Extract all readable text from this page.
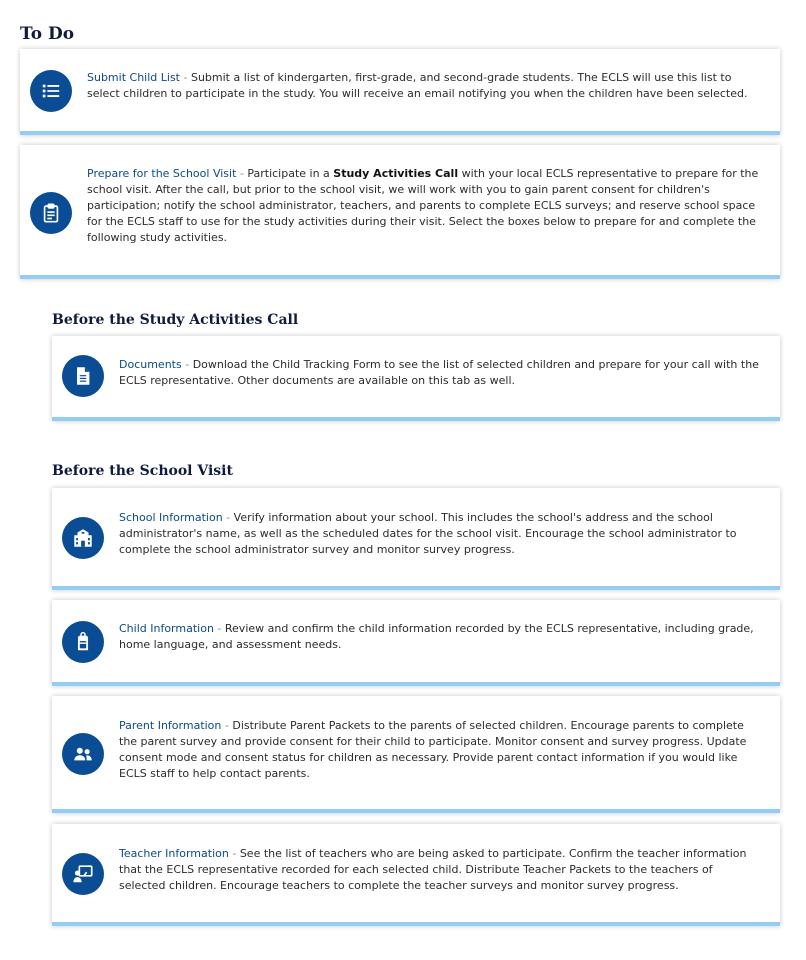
To Do
Submit Child List - Submit a list of kindergarten, first-grade, and second-grade students. The ECLS will use this list to select children to participate in the study. You will receive an email notifying you when the children have been selected.
Prepare for the School Visit - Participate in a Study Activities Call with your local ECLS representative to prepare for the school visit. After the call, but prior to the school visit, we will work with you to gain parent consent for children's participation; notify the school administrator, teachers, and parents to complete ECLS surveys; and reserve school space for the ECLS staff to use for the study activities during their visit. Select the boxes below to prepare for and complete the following study activities.
Before the Study Activities Call
Documents - Download the Child Tracking Form to see the list of selected children and prepare for your call with the ECLS representative. Other documents are available on this tab as well.
Before the School Visit
School Information - Verify information about your school. This includes the school's address and the school administrator's name, as well as the scheduled dates for the school visit. Encourage the school administrator to complete the school administrator survey and monitor survey progress.
Child Information - Review and confirm the child information recorded by the ECLS representative, including grade, home language, and assessment needs.
Parent Information - Distribute Parent Packets to the parents of selected children. Encourage parents to complete the parent survey and provide consent for their child to participate. Monitor consent and survey progress. Update consent mode and consent status for children as necessary. Provide parent contact information if you would like ECLS staff to help contact parents.
Teacher Information - See the list of teachers who are being asked to participate. Confirm the teacher information that the ECLS representative recorded for each selected child. Distribute Teacher Packets to the teachers of selected children. Encourage teachers to complete the teacher surveys and monitor survey progress.
